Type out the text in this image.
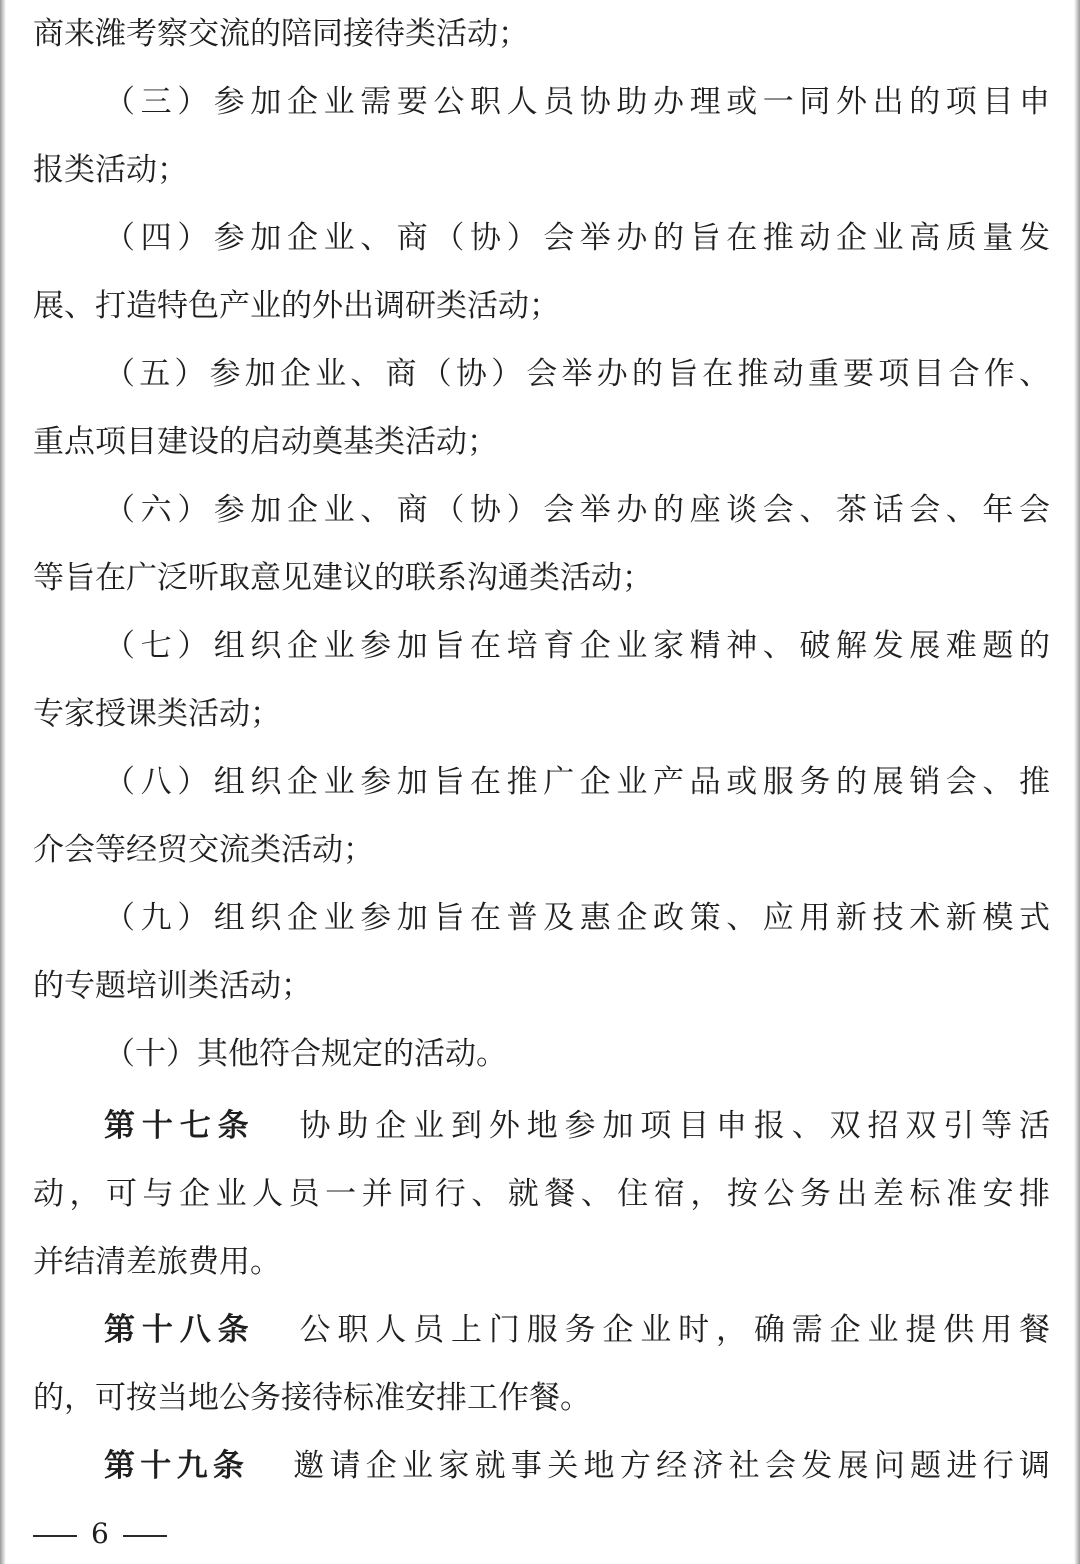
商来潍考察交流的陪同接待类活动；
（三）参加企业需要公职人员协助办理或一同外出的项目申
报类活动；
（四）参加企业、商（协）会举办的旨在推动企业高质量发
展、打造特色产业的外出调研类活动；
（五）参加企业、商（协）会举办的旨在推动重要项目合作、
重点项目建设的启动奠基类活动；
（六）参加企业、商（协）会举办的座谈会、茶话会、年会
等旨在广泛听取意见建议的联系沟通类活动；
（七）组织企业参加旨在培育企业家精神、破解发展难题的
专家授课类活动；
（八）组织企业参加旨在推广企业产品或服务的展销会、推
介会等经贸交流类活动；
（九）组织企业参加旨在普及惠企政策、应用新技术新模式
的专题培训类活动；
（十）其他符合规定的活动。
第十七条 协助企业到外地参加项目申报、双招双引等活
动，可与企业人员一并同行、就餐、住宿，按公务出差标准安排
并结清差旅费用。
第十八条 公职人员上门服务企业时，确需企业提供用餐
的，可按当地公务接待标准安排工作餐。
第十九条 邀请企业家就事关地方经济社会发展问题进行调
6
